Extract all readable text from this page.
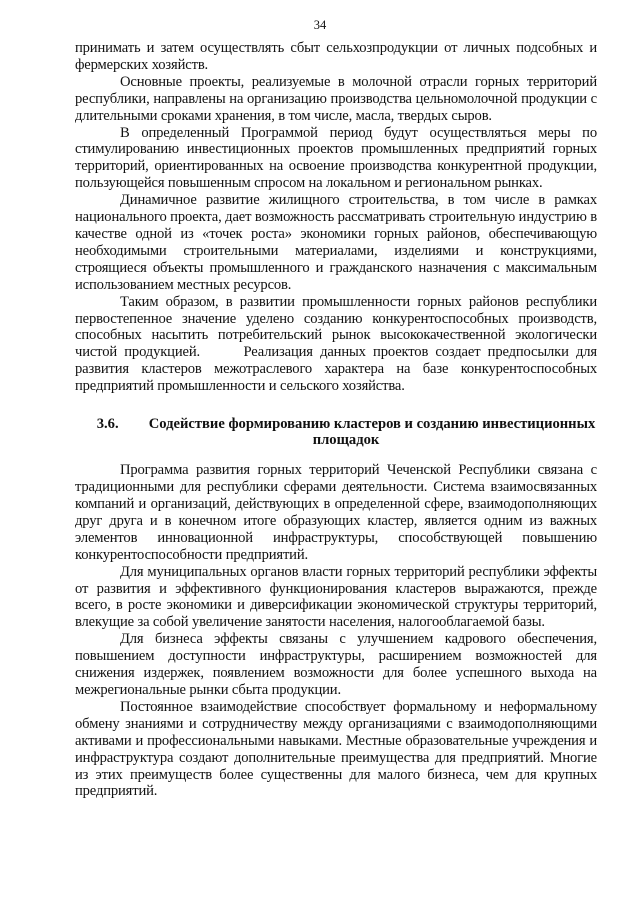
34

принимать и затем осуществлять сбыт сельхозпродукции от личных подсобных и фермерских хозяйств.

Основные проекты, реализуемые в молочной отрасли горных территорий республики, направлены на организацию производства цельномолочной продукции с длительными сроками хранения, в том числе, масла, твердых сыров.

В определенный Программой период будут осуществляться меры по стимулированию инвестиционных проектов промышленных предприятий горных территорий, ориентированных на освоение производства конкурентной продукции, пользующейся повышенным спросом на локальном и региональном рынках.

Динамичное развитие жилищного строительства, в том числе в рамках национального проекта, дает возможность рассматривать строительную индустрию в качестве одной из «точек роста» экономики горных районов, обеспечивающую необходимыми строительными материалами, изделиями и конструкциями, строящиеся объекты промышленного и гражданского назначения с максимальным использованием местных ресурсов.

Таким образом, в развитии промышленности горных районов республики первостепенное значение уделено созданию конкурентоспособных производств, способных насытить потребительский рынок высококачественной экологически чистой продукцией.      Реализация данных проектов создает предпосылки для развития кластеров межотраслевого характера на базе конкурентоспособных предприятий промышленности и сельского хозяйства.

3.6. Содействие формированию кластеров и созданию инвестиционных площадок

Программа развития горных территорий Чеченской Республики связана с традиционными для республики сферами деятельности. Система взаимосвязанных компаний и организаций, действующих в определенной сфере, взаимодополняющих друг друга и в конечном итоге образующих кластер, является одним из важных элементов инновационной инфраструктуры, способствующей повышению конкурентоспособности предприятий.

Для муниципальных органов власти горных территорий республики эффекты от развития и эффективного функционирования кластеров выражаются, прежде всего, в росте экономики и диверсификации экономической структуры территорий, влекущие за собой увеличение занятости населения, налогооблагаемой базы.

Для бизнеса эффекты связаны с улучшением кадрового обеспечения, повышением доступности инфраструктуры, расширением возможностей для снижения издержек, появлением возможности для более успешного выхода на межрегиональные рынки сбыта продукции.

Постоянное взаимодействие способствует формальному и неформальному обмену знаниями и сотрудничеству между организациями с взаимодополняющими активами и профессиональными навыками. Местные образовательные учреждения и инфраструктура создают дополнительные преимущества для предприятий. Многие из этих преимуществ более существенны для малого бизнеса, чем для крупных предприятий.
